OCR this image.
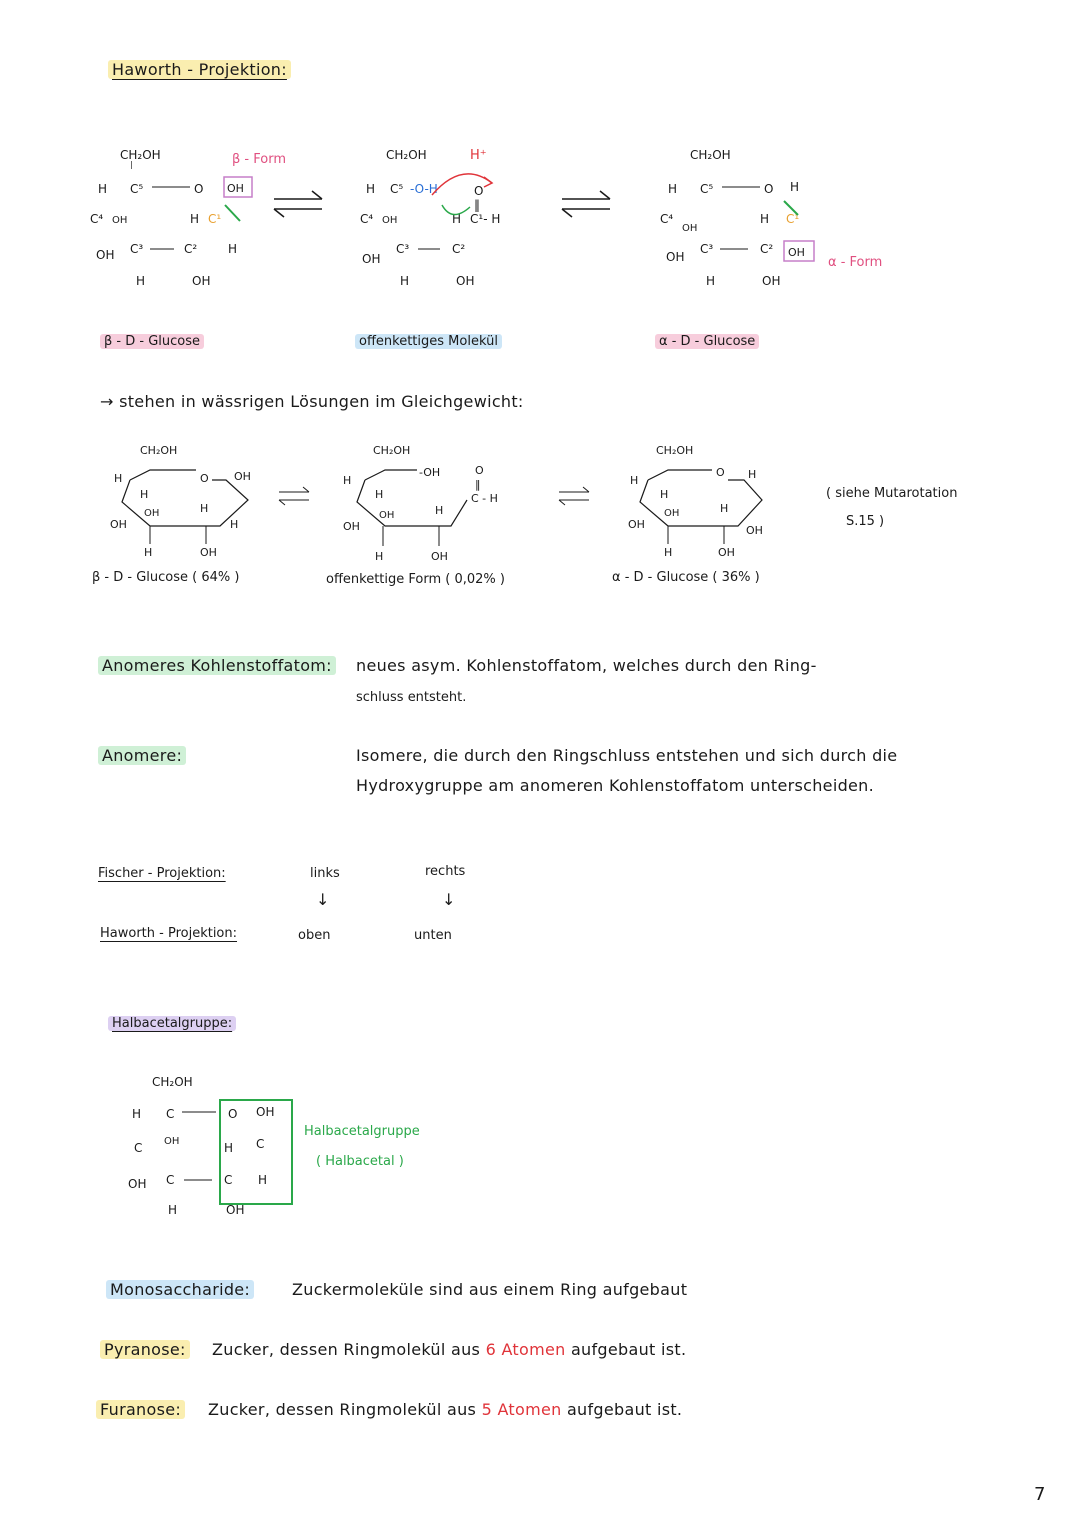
Haworth - Projektion:
CH₂OH
|
H C⁵	O
C⁴ OH	H C¹
OH C³	C²	H
H	OH
OH
β - Form	CH₂OH
H C⁵ -O-H
C⁴ OH	H C¹- H
O
‖
OH
C³	C²
H	OH
H⁺	CH₂OH
H C⁵	O H
C⁴
OH
H C¹
OH
C³	C²
H	OH
OH
α - Form
β - D - Glucose	offenkettiges Molekül	α - D - Glucose
→ stehen in wässrigen Lösungen im Gleichgewicht:
CH₂OH
H	O OH
H
OH	H
OH	H
H	OH
β - D - Glucose ( 64% )
CH₂OH
H
-OH	O
‖
C - H
H
OH	H
OH
H	OH
offenkettige Form ( 0,02% )
CH₂OH
H
O H
H
OH	H
OH	OH
H	OH
α - D - Glucose ( 36% )
( siehe Mutarotation
S.15 )
Anomeres Kohlenstoffatom: neues asym. Kohlenstoffatom, welches durch den Ring-
schluss entsteht.
Anomere:	Isomere, die durch den Ringschluss entstehen und sich durch die
Hydroxygruppe am anomeren Kohlenstoffatom unterscheiden.
Fischer - Projektion:	links	rechts
↓	↓
Haworth - Projektion:	oben	unten
Halbacetalgruppe:
CH₂OH
H C	O OH
C OH	H C
OH C	C H
H	OH
Halbacetalgruppe
( Halbacetal )
Monosaccharide:	Zuckermoleküle sind aus einem Ring aufgebaut
Pyranose: Zucker, dessen Ringmolekül aus 6 Atomen aufgebaut ist.
Furanose: Zucker, dessen Ringmolekül aus 5 Atomen aufgebaut ist.
7
